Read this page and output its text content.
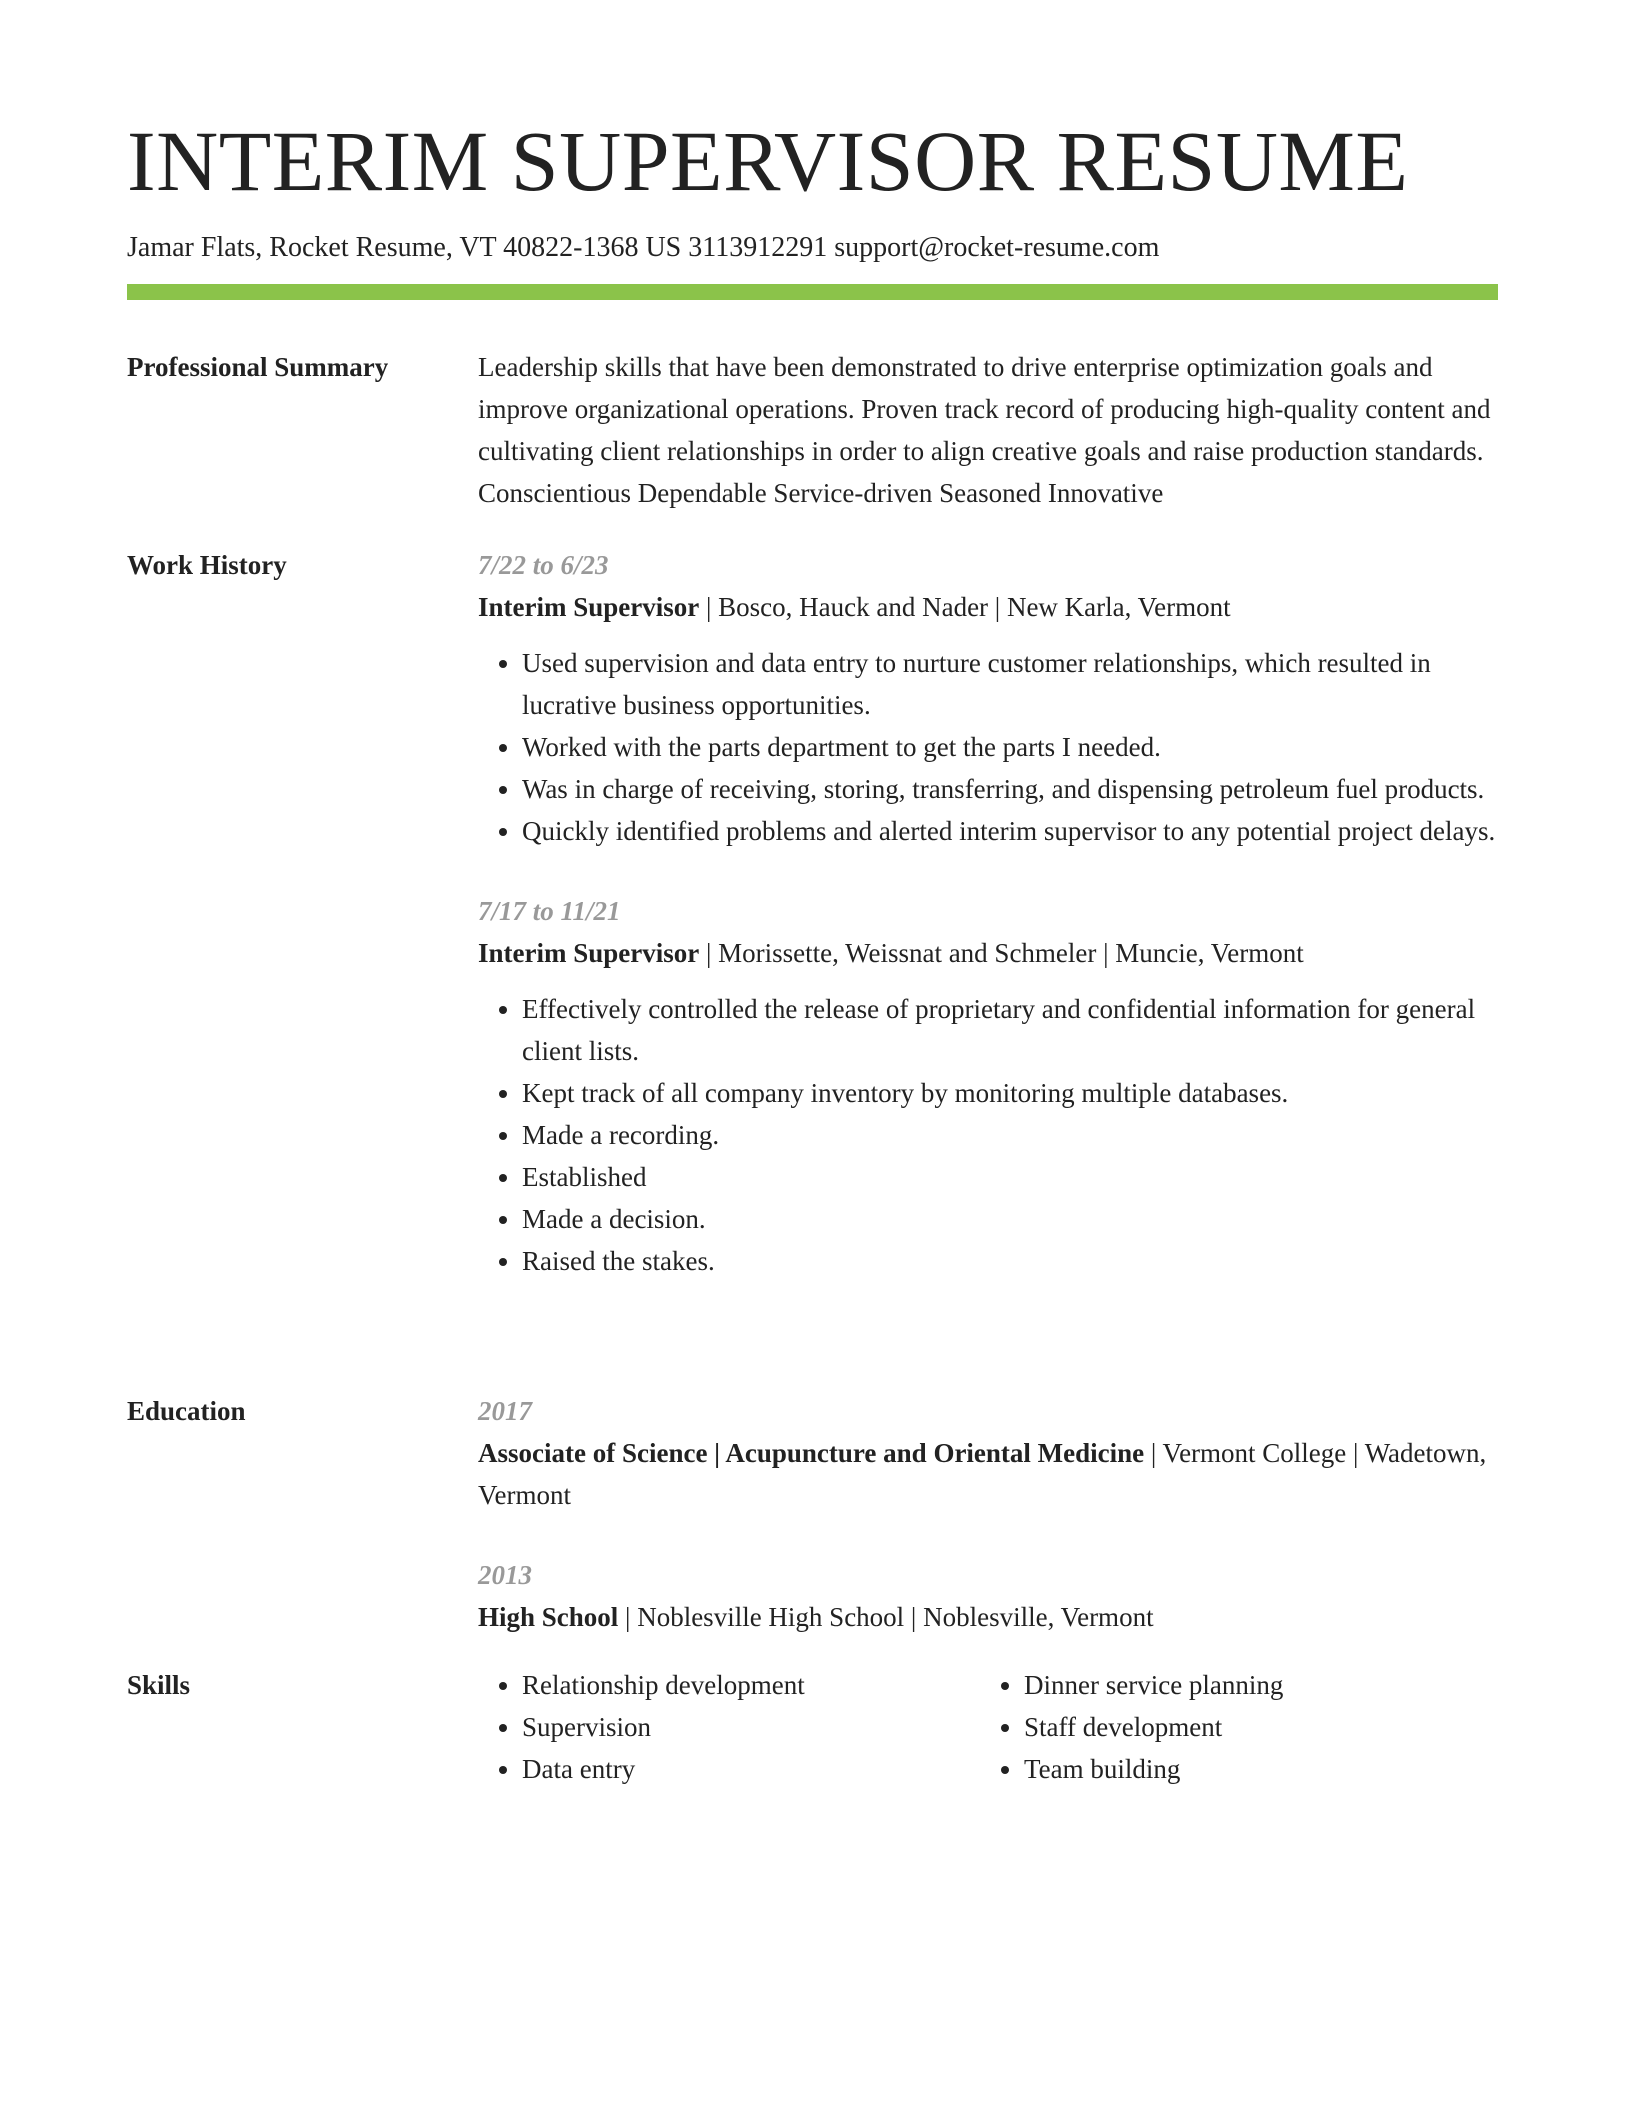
INTERIM SUPERVISOR RESUME
Jamar Flats, Rocket Resume, VT 40822-1368 US 3113912291 support@rocket-resume.com
Professional Summary	Leadership skills that have been demonstrated to drive enterprise optimization goals and improve organizational operations. Proven track record of producing high-quality content and cultivating client relationships in order to align creative goals and raise production standards. Conscientious Dependable Service-driven Seasoned Innovative
Work History	7/22 to 6/23
Interim Supervisor | Bosco, Hauck and Nader | New Karla, Vermont
• Used supervision and data entry to nurture customer relationships, which resulted in lucrative business opportunities.
• Worked with the parts department to get the parts I needed.
• Was in charge of receiving, storing, transferring, and dispensing petroleum fuel products.
• Quickly identified problems and alerted interim supervisor to any potential project delays.
7/17 to 11/21
Interim Supervisor | Morissette, Weissnat and Schmeler | Muncie, Vermont
• Effectively controlled the release of proprietary and confidential information for general client lists.
• Kept track of all company inventory by monitoring multiple databases.
• Made a recording.
• Established
• Made a decision.
• Raised the stakes.
Education	2017
Associate of Science | Acupuncture and Oriental Medicine | Vermont College | Wadetown, Vermont
2013
High School | Noblesville High School | Noblesville, Vermont
Skills
•	Relationship development
• Supervision
• Data entry
• Dinner service planning
• Staff development
• Team building
